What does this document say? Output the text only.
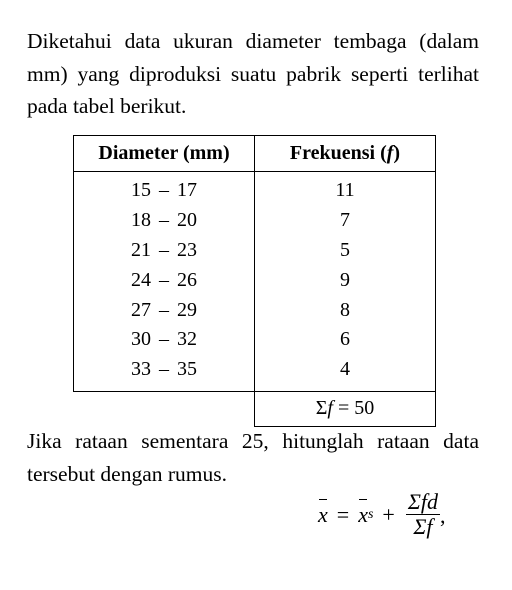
Diketahui data ukuran diameter tembaga (dalam mm) yang diproduksi suatu pabrik seperti terlihat pada tabel berikut.

Diameter (mm)	Frekuensi (f)
15 – 17	11
18 – 20	7
21 – 23	5
24 – 26	9
27 – 29	8
30 – 32	6
33 – 35	4
	Σf = 50

Jika rataan sementara 25, hitunglah rataan data tersebut dengan rumus.

x = x $s + \frac{\text{Σfd}}{\Sigma f}$ ,
